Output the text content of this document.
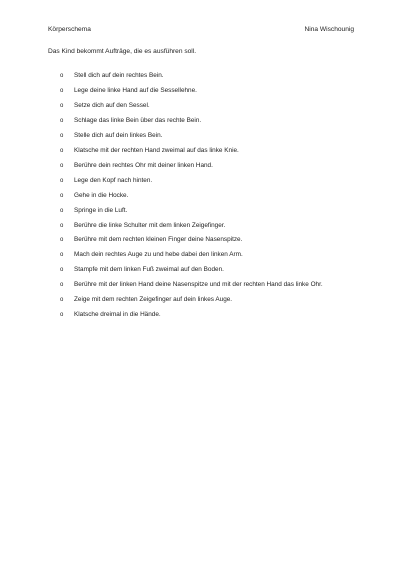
Körperschema	Nina Wischounig
Das Kind bekommt Aufträge, die es ausführen soll.
o Stell dich auf dein rechtes Bein.
o Lege deine linke Hand auf die Sessellehne.
o Setze dich auf den Sessel.
o Schlage das linke Bein über das rechte Bein.
o Stelle dich auf dein linkes Bein.
o Klatsche mit der rechten Hand zweimal auf das linke Knie.
o Berühre dein rechtes Ohr mit deiner linken Hand.
o Lege den Kopf nach hinten.
o Gehe in die Hocke.
o Springe in die Luft.
o Berühre die linke Schulter mit dem linken Zeigefinger.
o Berühre mit dem rechten kleinen Finger deine Nasenspitze.
o Mach dein rechtes Auge zu und hebe dabei den linken Arm.
o Stampfe mit dem linken Fuß zweimal auf den Boden.
o Berühre mit der linken Hand deine Nasenspitze und mit der rechten Hand das linke Ohr.
o Zeige mit dem rechten Zeigefinger auf dein linkes Auge.
o Klatsche dreimal in die Hände.
